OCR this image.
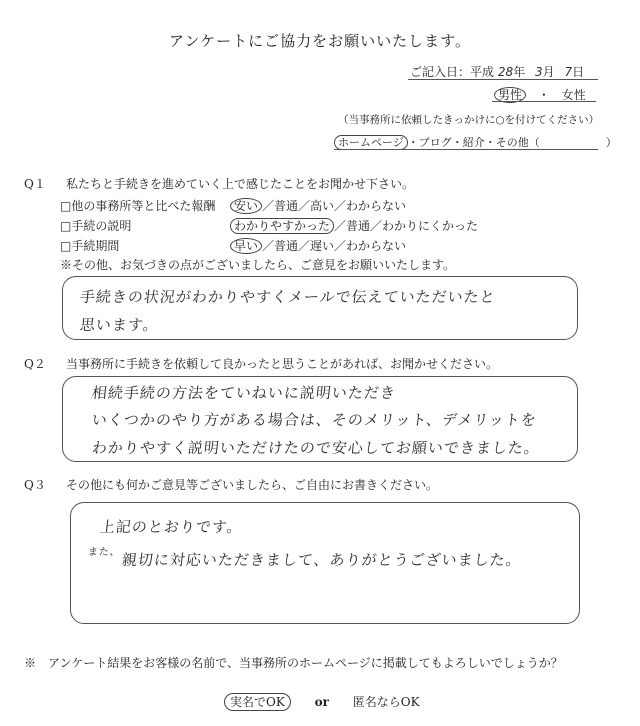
アンケートにご協力をお願いいたします。
ご記入日：平成 28年 3月 7日
男性 ・ 女性
（当事務所に依頼したきっかけに○を付けてください）
ホームページ ・ブログ・紹介・その他（　　　　　　）
Q１ 私たちと手続きを進めていく上で感じたことをお聞かせ下さい。
□他の事務所等と比べた報酬	安い ／普通／高い／わからない
□手続の説明	わかりやすかった ／普通／わかりにくかった
□手続期間	早い ／普通／遅い／わからない
※その他、お気づきの点がございましたら、ご意見をお願いいたします。
手続きの状況がわかりやすくメールで伝えていただいたと
思います。
Q２ 当事務所に手続きを依頼して良かったと思うことがあれば、お聞かせください。
相続手続の方法をていねいに説明いただき
いくつかのやり方がある場合は、そのメリット、デメリットを
わかりやすく説明いただけたので安心してお願いできました。
Q３ その他にも何かご意見等ございましたら、ご自由にお書きください。
上記のとおりです。
また、 親切に対応いただきまして、ありがとうございました。
※　アンケート結果をお客様の名前で、当事務所のホームページに掲載してもよろしいでしょうか？
実名でOK or 匿名ならOK
